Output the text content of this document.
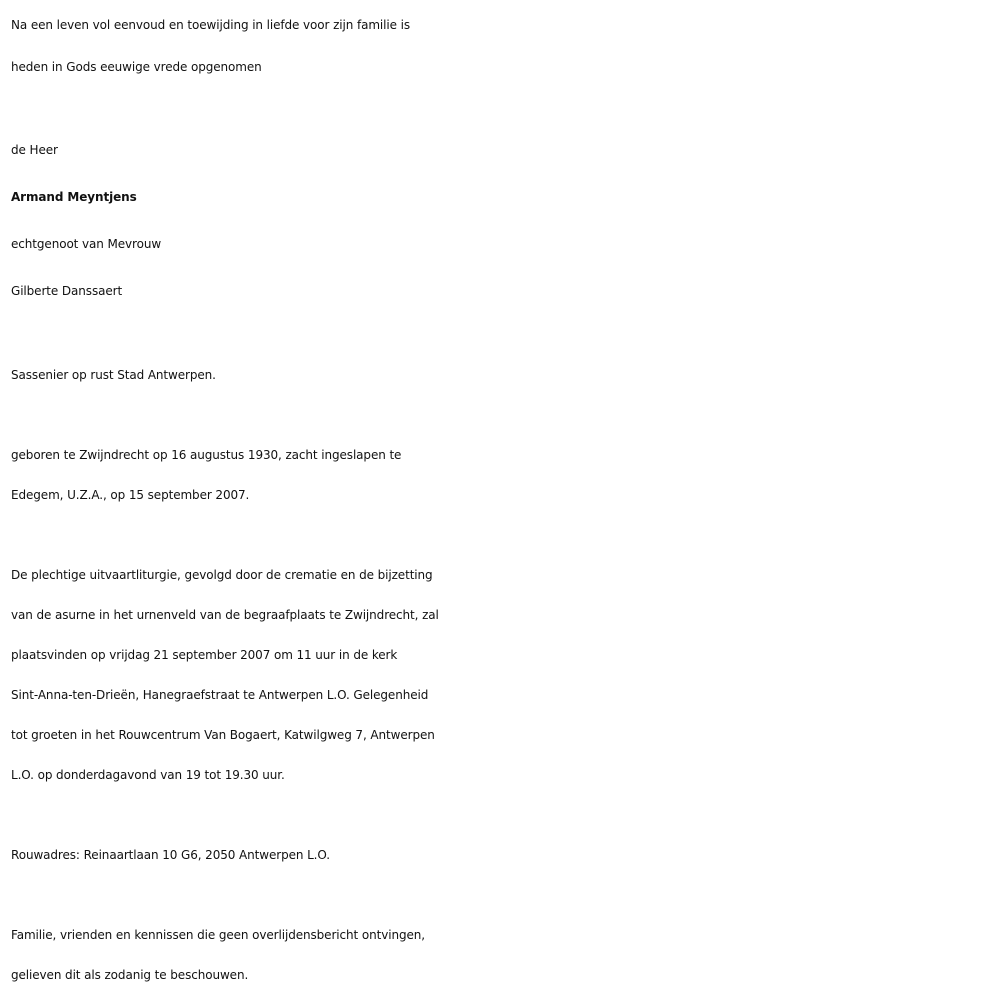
Na een leven vol eenvoud en toewijding in liefde voor zijn familie is
heden in Gods eeuwige vrede opgenomen
de Heer
Armand Meyntjens
echtgenoot van Mevrouw
Gilberte Danssaert
Sassenier op rust Stad Antwerpen.
geboren te Zwijndrecht op 16 augustus 1930, zacht ingeslapen te
Edegem, U.Z.A., op 15 september 2007.
De plechtige uitvaartliturgie, gevolgd door de crematie en de bijzetting
van de asurne in het urnenveld van de begraafplaats te Zwijndrecht, zal
plaatsvinden op vrijdag 21 september 2007 om 11 uur in de kerk
Sint-Anna-ten-Drieën, Hanegraefstraat te Antwerpen L.O. Gelegenheid
tot groeten in het Rouwcentrum Van Bogaert, Katwilgweg 7, Antwerpen
L.O. op donderdagavond van 19 tot 19.30 uur.
Rouwadres: Reinaartlaan 10 G6, 2050 Antwerpen L.O.
Familie, vrienden en kennissen die geen overlijdensbericht ontvingen,
gelieven dit als zodanig te beschouwen.
